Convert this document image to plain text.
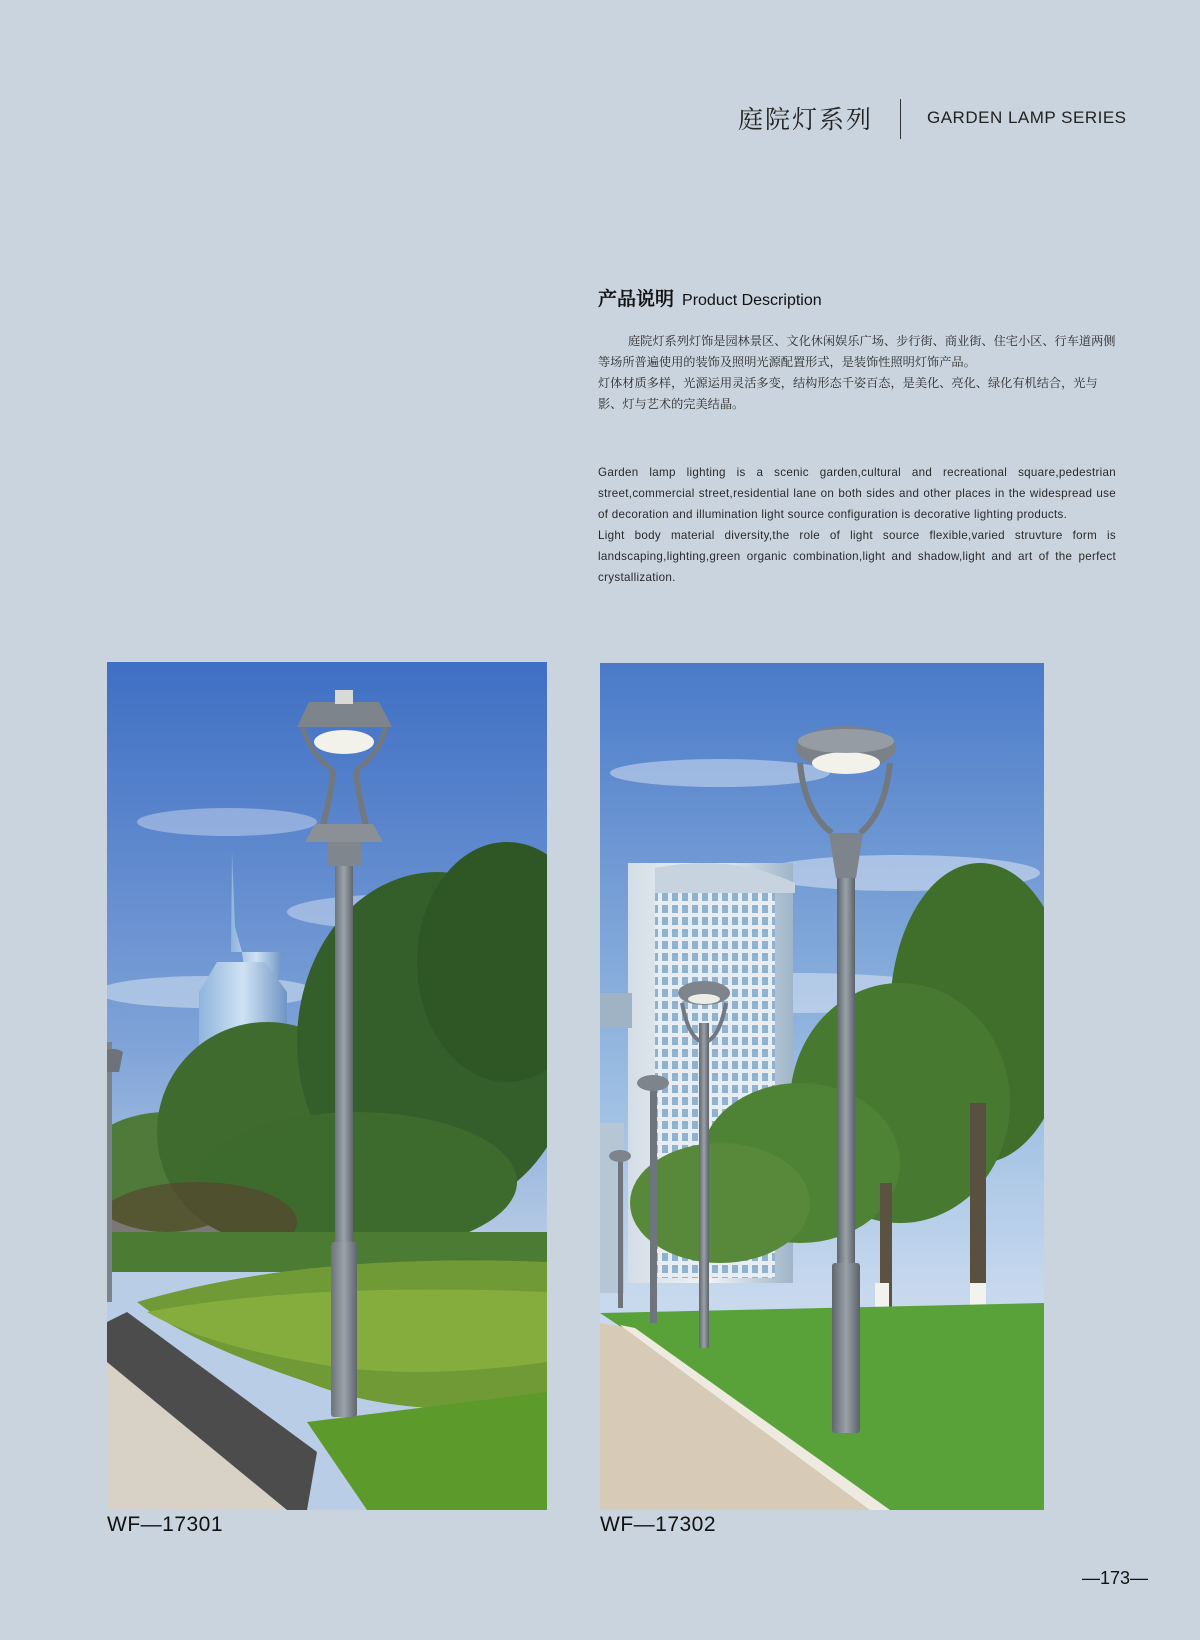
庭院灯系列	GARDEN LAMP SERIES
产品说明 Product Description

庭院灯系列灯饰是园林景区、文化休闲娱乐广场、步行街、商业街、住宅小区、行车道两侧等场所普遍使用的装饰及照明光源配置形式，是装饰性照明灯饰产品。

灯体材质多样，光源运用灵活多变，结构形态千姿百态，是美化、亮化、绿化有机结合，光与影、灯与艺术的完美结晶。

Garden lamp lighting is a scenic garden,cultural and recreational square,pedestrian street,commercial street,residential lane on both sides and other places in the widespread use of decoration and illumination light source configuration is decorative lighting products.

Light body material diversity,the role of light source flexible,varied struvture form is landscaping,lighting,green organic combination,light and shadow,light and art of the perfect crystallization.

WF—17301	WF—17302
—173—
